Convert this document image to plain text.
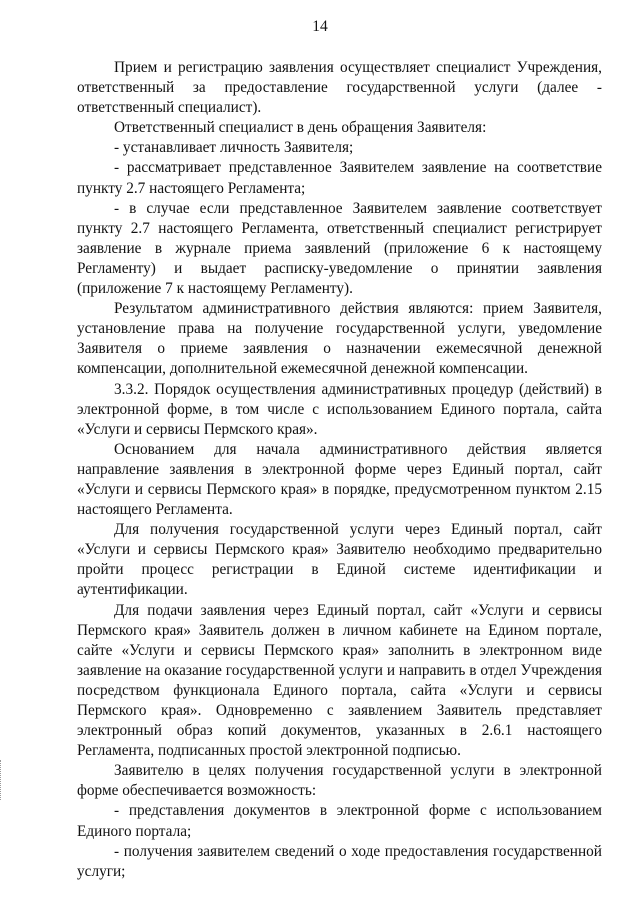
14

Прием и регистрацию заявления осуществляет специалист Учреждения, ответственный за предоставление государственной услуги (далее - ответственный специалист).

Ответственный специалист в день обращения Заявителя:

- устанавливает личность Заявителя;

- рассматривает представленное Заявителем заявление на соответствие пункту 2.7 настоящего Регламента;

- в случае если представленное Заявителем заявление соответствует пункту 2.7 настоящего Регламента, ответственный специалист регистрирует заявление в журнале приема заявлений (приложение 6 к настоящему Регламенту) и выдает расписку-уведомление о принятии заявления (приложение 7 к настоящему Регламенту).

Результатом административного действия являются: прием Заявителя, установление права на получение государственной услуги, уведомление Заявителя о приеме заявления о назначении ежемесячной денежной компенсации, дополнительной ежемесячной денежной компенсации.

3.3.2. Порядок осуществления административных процедур (действий) в электронной форме, в том числе с использованием Единого портала, сайта «Услуги и сервисы Пермского края».

Основанием для начала административного действия является направление заявления в электронной форме через Единый портал, сайт «Услуги и сервисы Пермского края» в порядке, предусмотренном пунктом 2.15 настоящего Регламента.

Для получения государственной услуги через Единый портал, сайт «Услуги и сервисы Пермского края» Заявителю необходимо предварительно пройти процесс регистрации в Единой системе идентификации и аутентификации.

Для подачи заявления через Единый портал, сайт «Услуги и сервисы Пермского края» Заявитель должен в личном кабинете на Едином портале, сайте «Услуги и сервисы Пермского края» заполнить в электронном виде заявление на оказание государственной услуги и направить в отдел Учреждения посредством функционала Единого портала, сайта «Услуги и сервисы Пермского края». Одновременно с заявлением Заявитель представляет электронный образ копий документов, указанных в 2.6.1 настоящего Регламента, подписанных простой электронной подписью.

Заявителю в целях получения государственной услуги в электронной форме обеспечивается возможность:

- представления документов в электронной форме с использованием Единого портала;

- получения заявителем сведений о ходе предоставления государственной услуги;
